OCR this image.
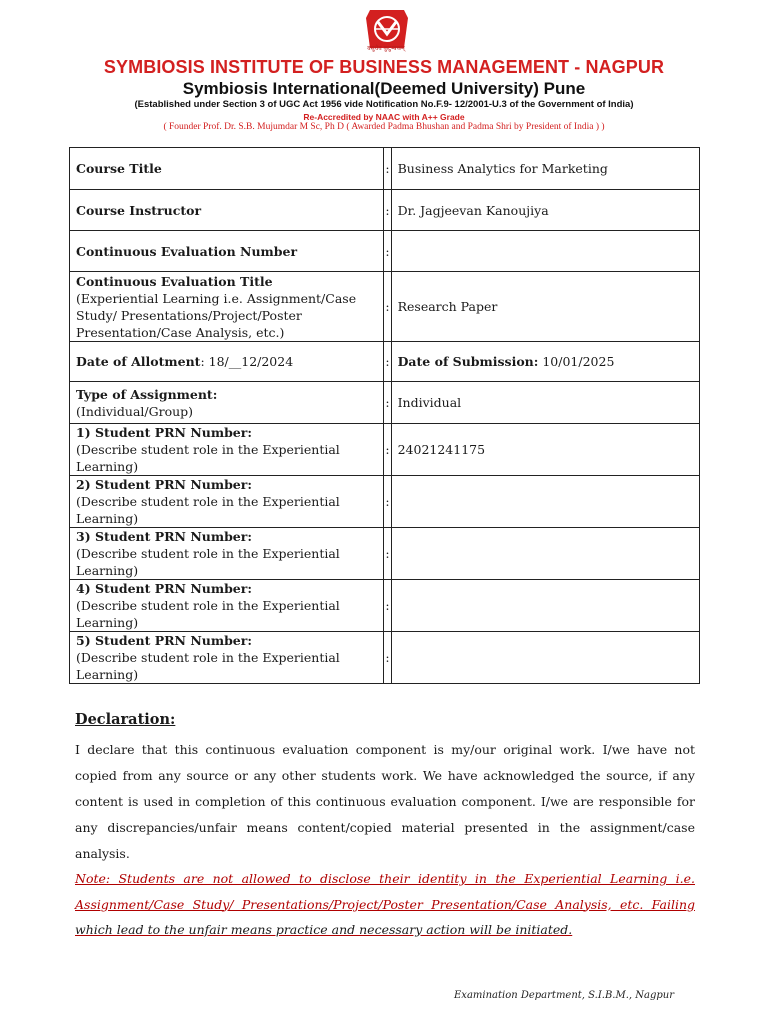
वसुधैव कुटुम्बकम्
SYMBIOSIS INSTITUTE OF BUSINESS MANAGEMENT - NAGPUR
Symbiosis International(Deemed University) Pune
(Established under Section 3 of UGC Act 1956 vide Notification No.F.9- 12/2001-U.3 of the Government of India)
Re-Accredited by NAAC with A++ Grade
( Founder Prof. Dr. S.B. Mujumdar M Sc, Ph D ( Awarded Padma Bhushan and Padma Shri by President of India ) )
Course Title	:	Business Analytics for Marketing
Course Instructor	:	Dr. Jagjeevan Kanoujiya
Continuous Evaluation Number	:	

Continuous Evaluation Title
(Experiential Learning i.e. Assignment/Case Study/ Presentations/Project/Poster Presentation/Case Analysis, etc.)	:	Research Paper
Date of Allotment: 18/__12/2024	:	Date of Submission: 10/01/2025

Type of Assignment:
(Individual/Group)	:	Individual

1) Student PRN Number:
(Describe student role in the Experiential Learning)	:	24021241175

2) Student PRN Number:
(Describe student role in the Experiential Learning)	:	

3) Student PRN Number:
(Describe student role in the Experiential Learning)	:	

4) Student PRN Number:
(Describe student role in the Experiential Learning)	:	

5) Student PRN Number:
(Describe student role in the Experiential Learning)	:	
Declaration:
I declare that this continuous evaluation component is my/our original work. I/we have not copied from any source or any other students work. We have acknowledged the source, if any content is used in completion of this continuous evaluation component. I/we are responsible for any discrepancies/unfair means content/copied material presented in the assignment/case analysis.
Note: Students are not allowed to disclose their identity in the Experiential Learning i.e. Assignment/Case Study/ Presentations/Project/Poster Presentation/Case Analysis, etc. Failing which lead to the unfair means practice and necessary action will be initiated.
Examination Department, S.I.B.M., Nagpur
